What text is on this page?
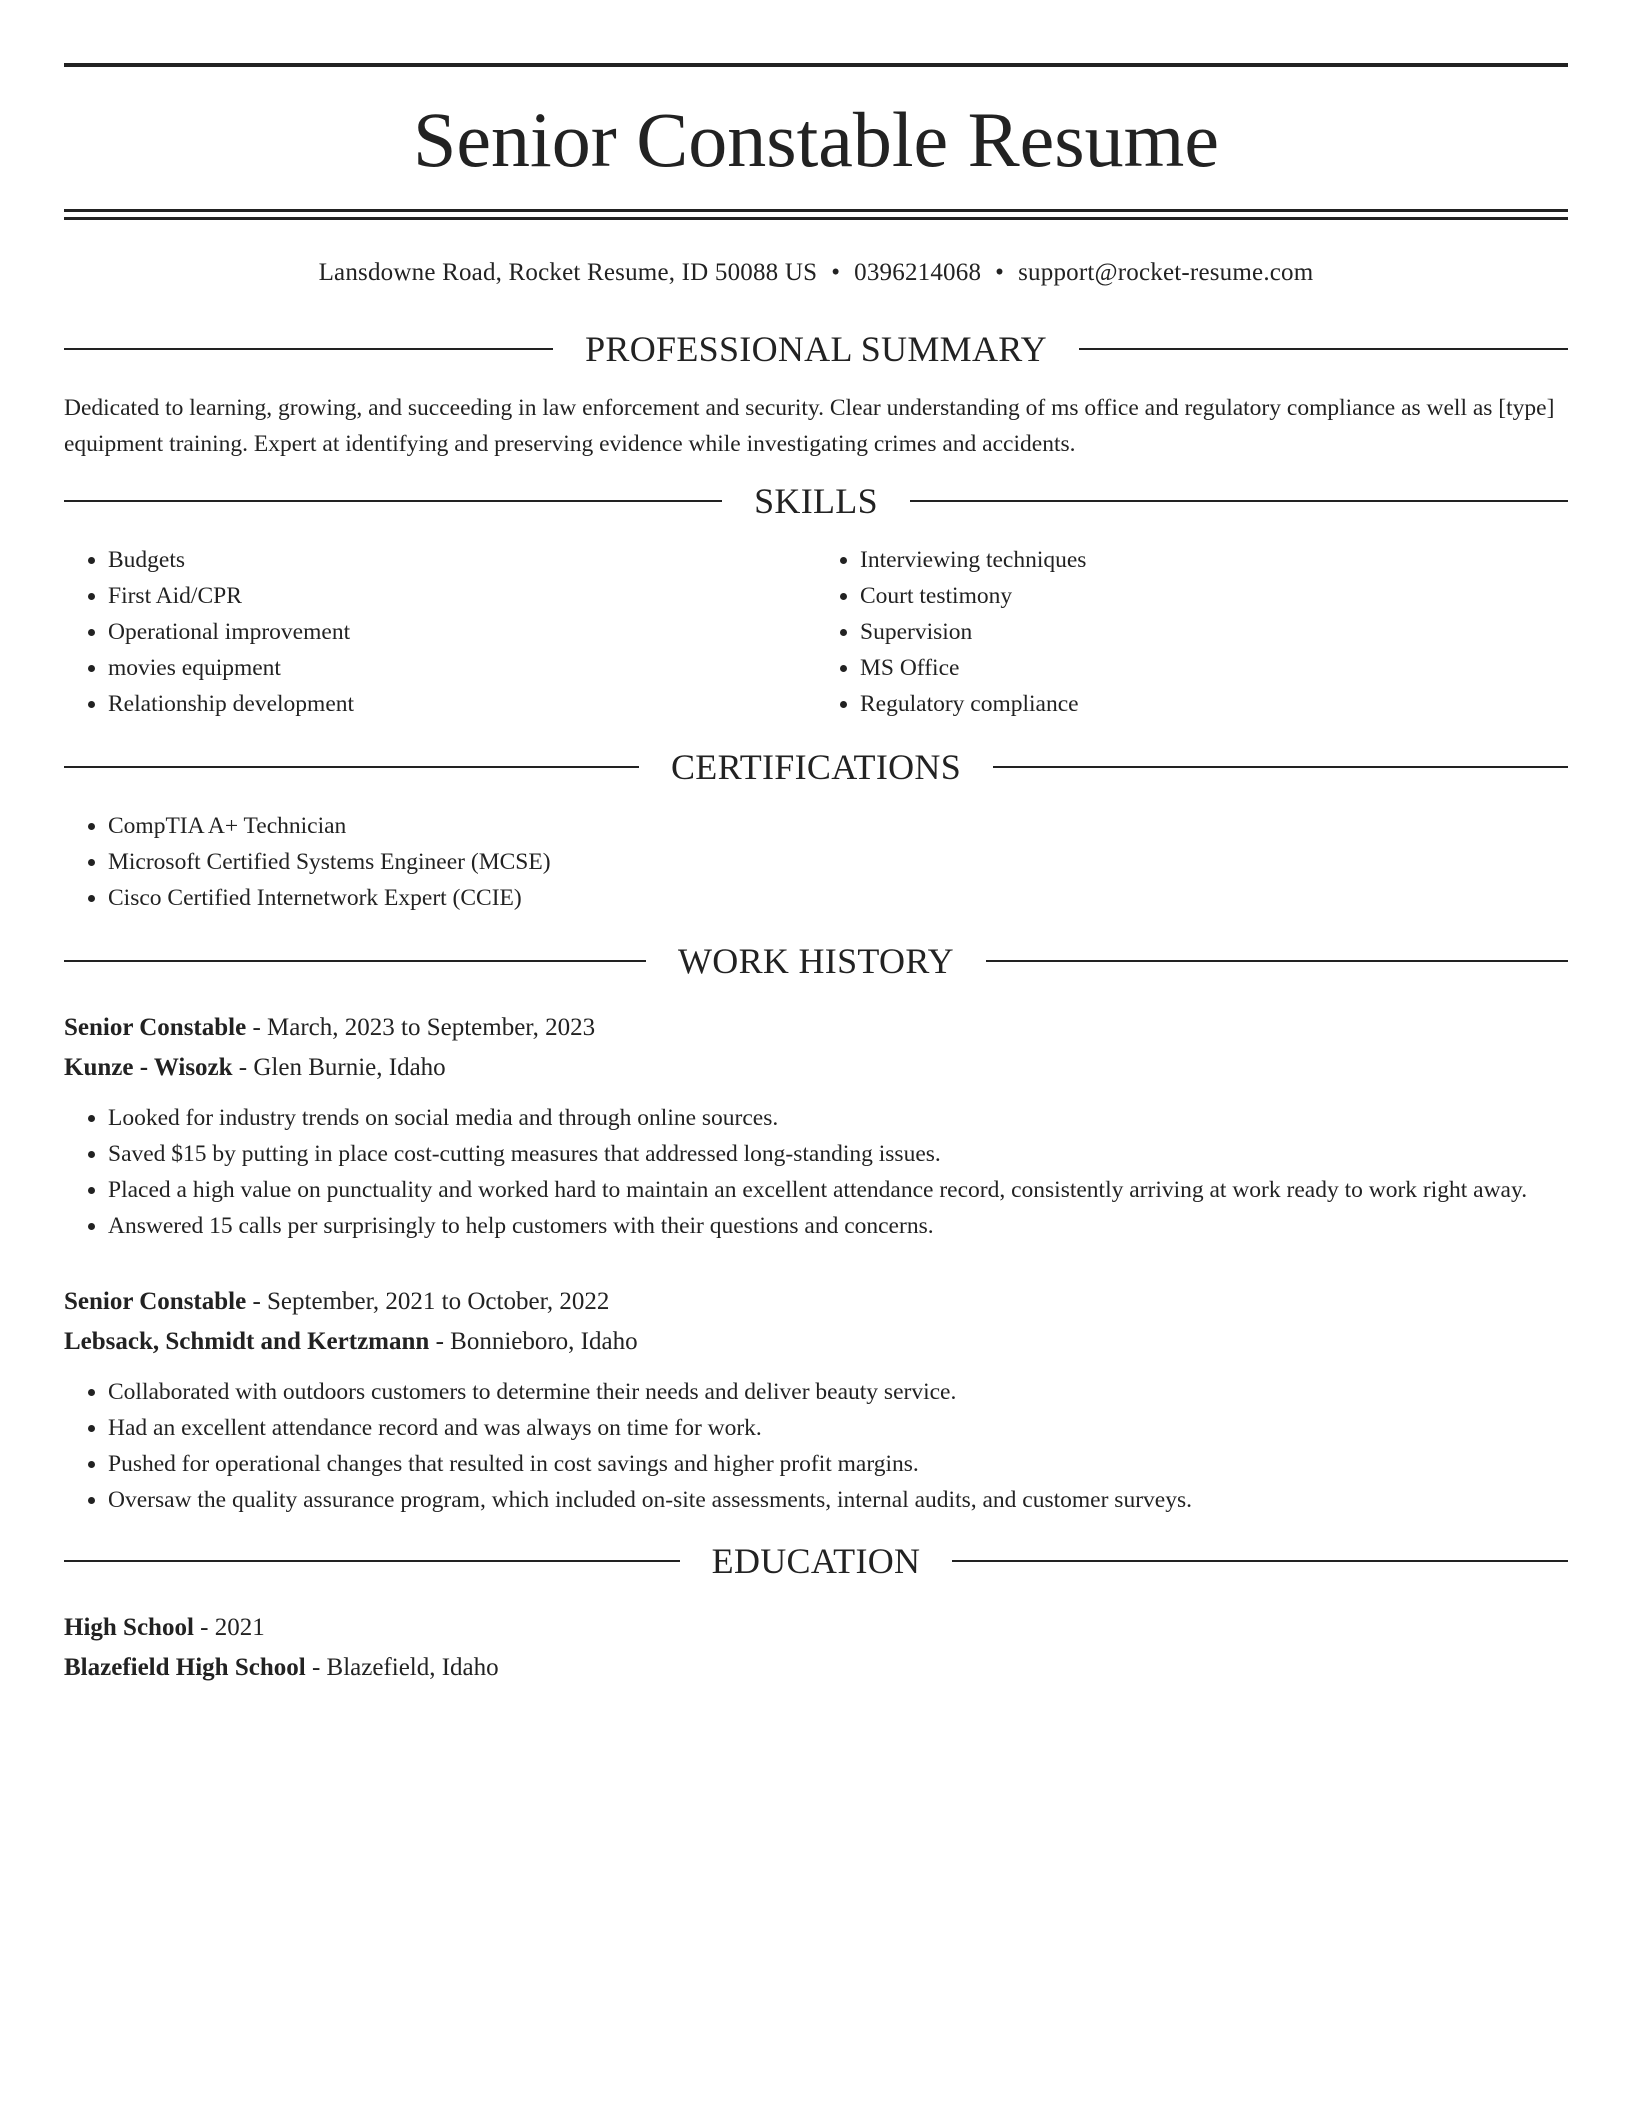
Senior Constable Resume
Lansdowne Road, Rocket Resume, ID 50088 US • 0396214068 • support@rocket-resume.com
PROFESSIONAL SUMMARY
Dedicated to learning, growing, and succeeding in law enforcement and security. Clear understanding of ms office and regulatory compliance as well as [type] equipment training. Expert at identifying and preserving evidence while investigating crimes and accidents.
SKILLS
• Budgets
• First Aid/CPR
• Operational improvement
• movies equipment
• Relationship development
• Interviewing techniques
• Court testimony
• Supervision
• MS Office
• Regulatory compliance
CERTIFICATIONS
• CompTIA A+ Technician
• Microsoft Certified Systems Engineer (MCSE)
• Cisco Certified Internetwork Expert (CCIE)
WORK HISTORY
Senior Constable - March, 2023 to September, 2023
Kunze - Wisozk - Glen Burnie, Idaho
• Looked for industry trends on social media and through online sources.
• Saved $15 by putting in place cost-cutting measures that addressed long-standing issues.
• Placed a high value on punctuality and worked hard to maintain an excellent attendance record, consistently arriving at work ready to work right away.
• Answered 15 calls per surprisingly to help customers with their questions and concerns.
Senior Constable - September, 2021 to October, 2022
Lebsack, Schmidt and Kertzmann - Bonnieboro, Idaho
• Collaborated with outdoors customers to determine their needs and deliver beauty service.
• Had an excellent attendance record and was always on time for work.
• Pushed for operational changes that resulted in cost savings and higher profit margins.
• Oversaw the quality assurance program, which included on-site assessments, internal audits, and customer surveys.
EDUCATION
High School - 2021
Blazefield High School - Blazefield, Idaho
